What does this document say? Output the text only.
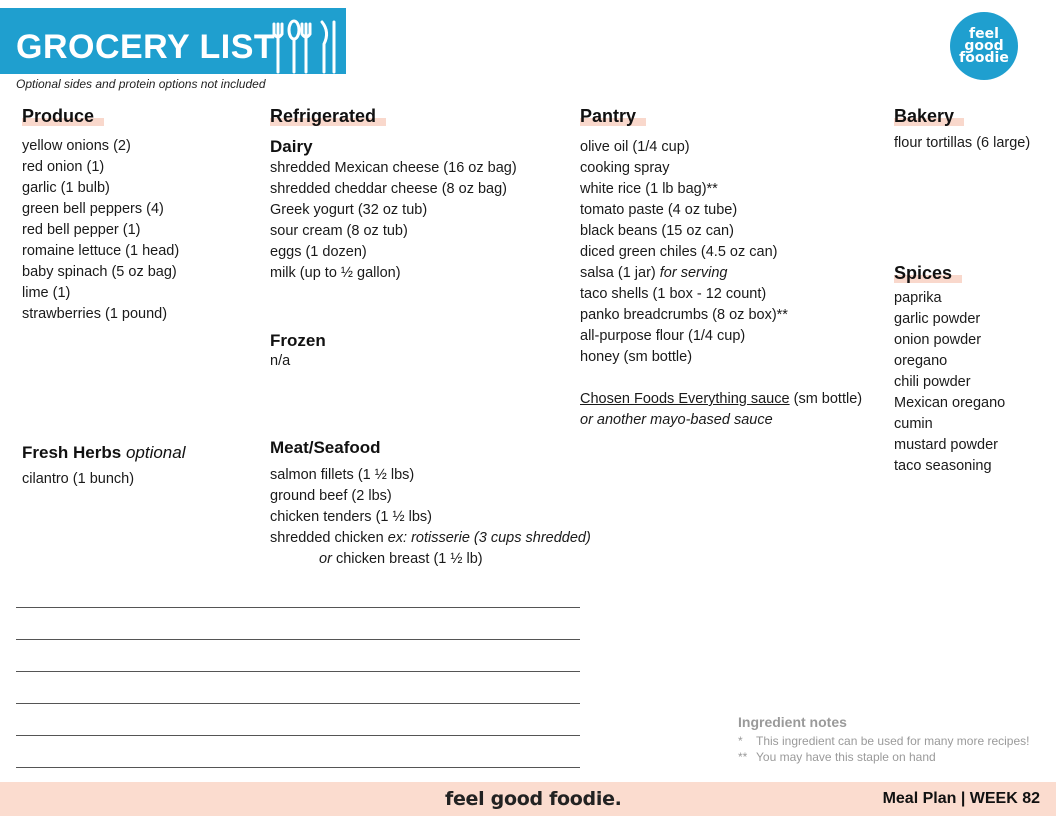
GROCERY LIST
Optional sides and protein options not included
feel
good
foodie
Produce
yellow onions (2)
red onion (1)
garlic (1 bulb)
green bell peppers (4)
red bell pepper (1)
romaine lettuce (1 head)
baby spinach (5 oz bag)
lime (1)
strawberries (1 pound)
Fresh Herbs optional
cilantro (1 bunch)
Refrigerated
Dairy
shredded Mexican cheese (16 oz bag)
shredded cheddar cheese (8 oz bag)
Greek yogurt (32 oz tub)
sour cream (8 oz tub)
eggs (1 dozen)
milk (up to ½ gallon)
Frozen
n/a
Meat/Seafood
salmon fillets (1 ½ lbs)
ground beef (2 lbs)
chicken tenders (1 ½ lbs)
shredded chicken ex: rotisserie (3 cups shredded)
or chicken breast (1 ½ lb)
Pantry
olive oil (1/4 cup)
cooking spray
white rice (1 lb bag)**
tomato paste (4 oz tube)
black beans (15 oz can)
diced green chiles (4.5 oz can)
salsa (1 jar) for serving
taco shells (1 box - 12 count)
panko breadcrumbs (8 oz box)**
all-purpose flour (1/4 cup)
honey (sm bottle)
Chosen Foods Everything sauce (sm bottle)
or another mayo-based sauce
Bakery
flour tortillas (6 large)
Spices
paprika
garlic powder
onion powder
oregano
chili powder
Mexican oregano
cumin
mustard powder
taco seasoning
Ingredient notes
* This ingredient can be used for many more recipes!
** You may have this staple on hand
feel good foodie.	Meal Plan | WEEK 82
